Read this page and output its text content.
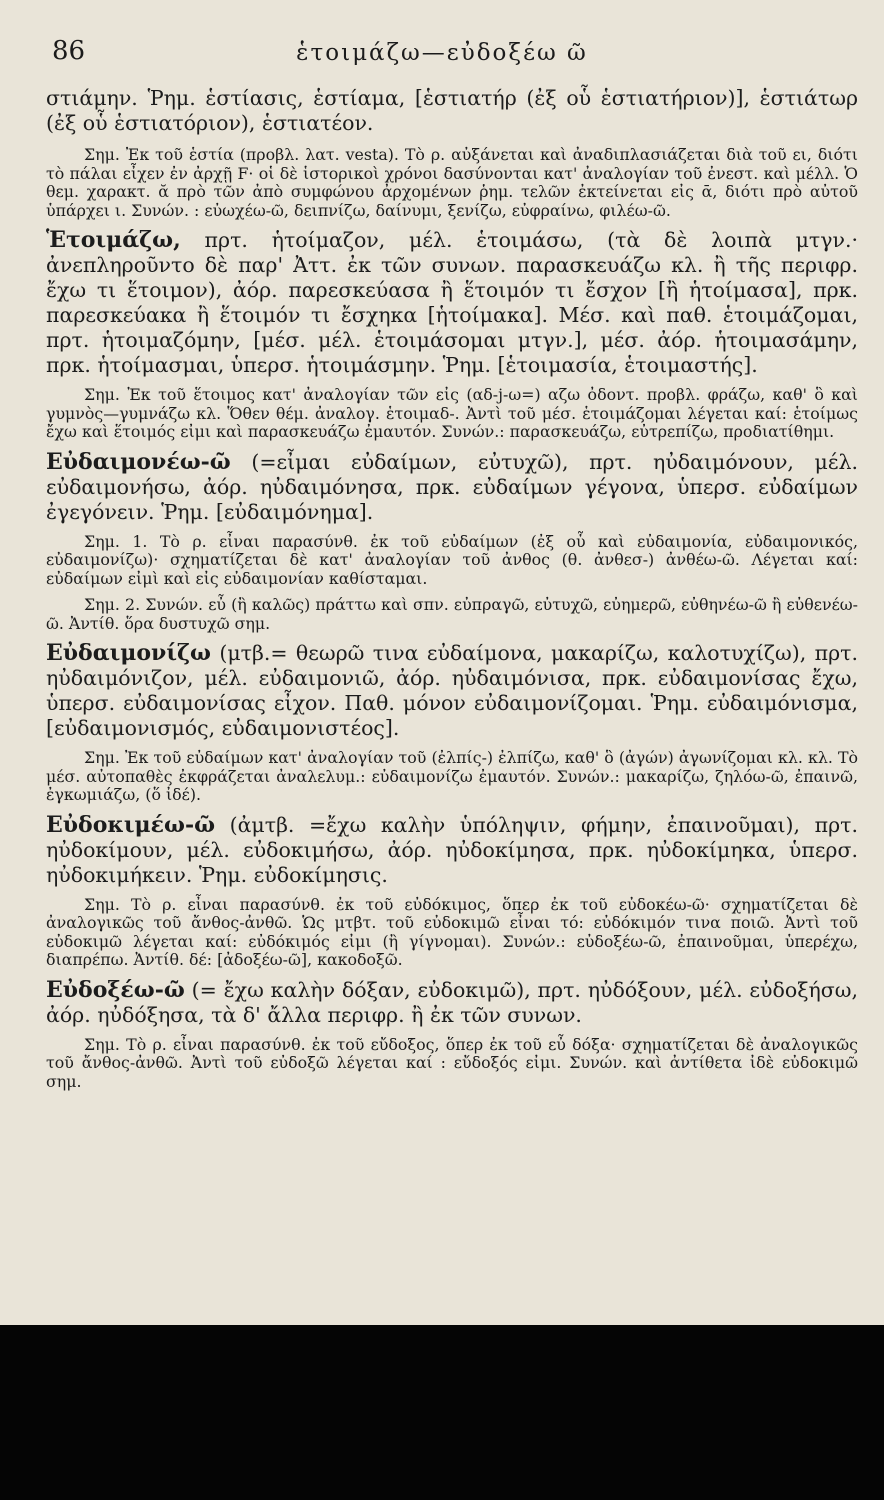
86	ἑτοιμάζω—εὐδοξέω ῶ

στιάμην. Ῥημ. ἑστίασις, ἑστίαμα, [ἑστιατήρ (ἐξ οὗ ἑστιατήριον)], ἑστιάτωρ (ἐξ οὗ ἑστιατόριον), ἑστιατέον.

Σημ. Ἐκ τοῦ ἑστία (προβλ. λατ. vesta). Τὸ ρ. αὐξάνεται καὶ ἀναδιπλασιάζεται διὰ τοῦ ει, διότι τὸ πάλαι εἶχεν ἐν ἀρχῇ F· οἱ δὲ ἱστορικοὶ χρόνοι δασύνονται κατ' ἀναλογίαν τοῦ ἐνεστ. καὶ μέλλ. Ὁ θεμ. χαρακτ. ᾰ πρὸ τῶν ἀπὸ συμφώνου ἀρχομένων ῥημ. τελῶν ἐκτείνεται εἰς ᾱ, διότι πρὸ αὐτοῦ ὑπάρχει ι. Συνών. : εὐωχέω-ῶ, δειπνίζω, δαίνυμι, ξενίζω, εὐφραίνω, φιλέω-ῶ.

Ἑτοιμάζω, πρτ. ἡτοίμαζον, μέλ. ἑτοιμάσω, (τὰ δὲ λοιπὰ μτγν.· ἀνεπληροῦντο δὲ παρ' Ἀττ. ἐκ τῶν συνων. παρασκευάζω κλ. ἢ τῆς περιφρ. ἔχω τι ἕτοιμον), ἀόρ. παρεσκεύασα ἢ ἕτοιμόν τι ἔσχον [ἢ ἡτοίμασα], πρκ. παρεσκεύακα ἢ ἕτοιμόν τι ἔσχηκα [ἡτοίμακα]. Μέσ. καὶ παθ. ἑτοιμάζομαι, πρτ. ἡτοιμαζόμην, [μέσ. μέλ. ἑτοιμάσομαι μτγν.], μέσ. ἀόρ. ἡτοιμασάμην, πρκ. ἡτοίμασμαι, ὑπερσ. ἡτοιμάσμην. Ῥημ. [ἑτοιμασία, ἑτοιμαστής].

Σημ. Ἐκ τοῦ ἕτοιμος κατ' ἀναλογίαν τῶν εἰς (αδ-j-ω=) αζω ὀδοντ. προβλ. φράζω, καθ' ὃ καὶ γυμνὸς—γυμνάζω κλ. Ὅθεν θέμ. ἀναλογ. ἑτοιμαδ-. Ἀντὶ τοῦ μέσ. ἑτοιμάζομαι λέγεται καί: ἑτοίμως ἔχω καὶ ἕτοιμός εἰμι καὶ παρασκευάζω ἐμαυτόν. Συνών.: παρασκευάζω, εὐτρεπίζω, προδιατίθημι.

Εὐδαιμονέω-ῶ (=εἶμαι εὐδαίμων, εὐτυχῶ), πρτ. ηὐδαιμόνουν, μέλ. εὐδαιμονήσω, ἀόρ. ηὐδαιμόνησα, πρκ. εὐδαίμων γέγονα, ὑπερσ. εὐδαίμων ἐγεγόνειν. Ῥημ. [εὐδαιμόνημα].

Σημ. 1. Τὸ ρ. εἶναι παρασύνθ. ἐκ τοῦ εὐδαίμων (ἐξ οὗ καὶ εὐδαιμονία, εὐδαιμονικός, εὐδαιμονίζω)· σχηματίζεται δὲ κατ' ἀναλογίαν τοῦ ἀνθος (θ. ἀνθεσ-) ἀνθέω-ῶ. Λέγεται καί: εὐδαίμων εἰμὶ καὶ εἰς εὐδαιμονίαν καθίσταμαι.

Σημ. 2. Συνών. εὖ (ἢ καλῶς) πράττω καὶ σπν. εὐπραγῶ, εὐτυχῶ, εὐημερῶ, εὐθηνέω-ῶ ἢ εὐθενέω-ῶ. Ἀντίθ. ὅρα δυστυχῶ σημ.

Εὐδαιμονίζω (μτβ.= θεωρῶ τινα εὐδαίμονα, μακαρίζω, καλοτυχίζω), πρτ. ηὐδαιμόνιζον, μέλ. εὐδαιμονιῶ, ἀόρ. ηὐδαιμόνισα, πρκ. εὐδαιμονίσας ἔχω, ὑπερσ. εὐδαιμονίσας εἶχον. Παθ. μόνον εὐδαιμονίζομαι. Ῥημ. εὐδαιμόνισμα, [εὐδαιμονισμός, εὐδαιμονιστέος].

Σημ. Ἐκ τοῦ εὐδαίμων κατ' ἀναλογίαν τοῦ (ἐλπίς-) ἐλπίζω, καθ' ὃ (ἀγών) ἀγωνίζομαι κλ. κλ. Τὸ μέσ. αὐτοπαθὲς ἐκφράζεται ἀναλελυμ.: εὐδαιμονίζω ἐμαυτόν. Συνών.: μακαρίζω, ζηλόω-ῶ, ἐπαινῶ, ἐγκωμιάζω, (ὅ ἰδέ).

Εὐδοκιμέω-ῶ (ἀμτβ. =ἔχω καλὴν ὑπόληψιν, φήμην, ἐπαινοῦμαι), πρτ. ηὐδοκίμουν, μέλ. εὐδοκιμήσω, ἀόρ. ηὐδοκίμησα, πρκ. ηὐδοκίμηκα, ὑπερσ. ηὐδοκιμήκειν. Ῥημ. εὐδοκίμησις.

Σημ. Τὸ ρ. εἶναι παρασύνθ. ἐκ τοῦ εὐδόκιμος, ὅπερ ἐκ τοῦ εὐδοκέω-ῶ· σχηματίζεται δὲ ἀναλογικῶς τοῦ ἄνθος-ἀνθῶ. Ὡς μτβτ. τοῦ εὐδοκιμῶ εἶναι τό: εὐδόκιμόν τινα ποιῶ. Ἀντὶ τοῦ εὐδοκιμῶ λέγεται καί: εὐδόκιμός εἰμι (ἢ γίγνομαι). Συνών.: εὐδοξέω-ῶ, ἐπαινοῦμαι, ὑπερέχω, διαπρέπω. Ἀντίθ. δέ: [ἀδοξέω-ῶ], κακοδοξῶ.

Εὐδοξέω-ῶ (= ἔχω καλὴν δόξαν, εὐδοκιμῶ), πρτ. ηὐδόξουν, μέλ. εὐδοξήσω, ἀόρ. ηὐδόξησα, τὰ δ' ἄλλα περιφρ. ἢ ἐκ τῶν συνων.

Σημ. Τὸ ρ. εἶναι παρασύνθ. ἐκ τοῦ εὔδοξος, ὅπερ ἐκ τοῦ εὖ δόξα· σχηματίζεται δὲ ἀναλογικῶς τοῦ ἄνθος-ἀνθῶ. Ἀντὶ τοῦ εὐδοξῶ λέγεται καί : εὔδοξός εἰμι. Συνών. καὶ ἀντίθετα ἰδὲ εὐδοκιμῶ σημ.
